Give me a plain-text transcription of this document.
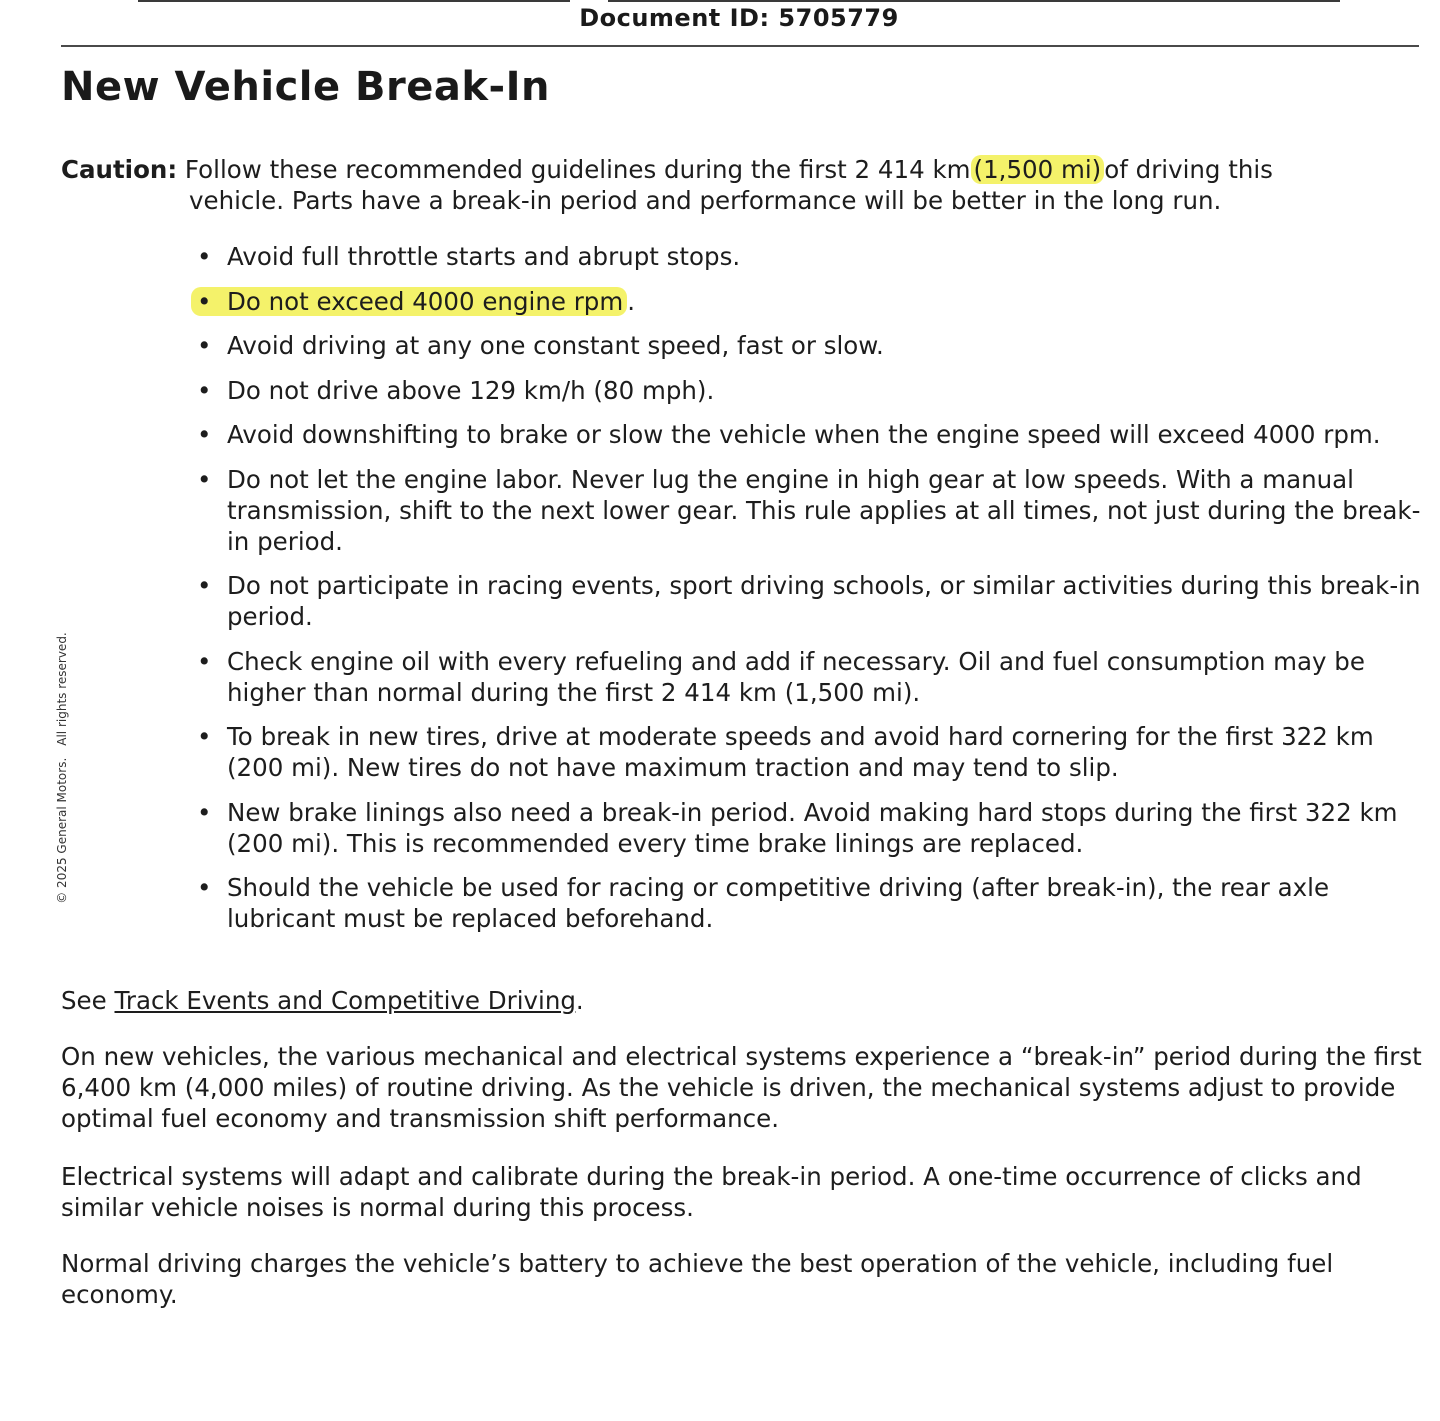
Document ID: 5705779
New Vehicle Break-In
Caution: Follow these recommended guidelines during the first 2 414 km (1,500 mi) of driving this
vehicle. Parts have a break-in period and performance will be better in the long run.
• Avoid full throttle starts and abrupt stops.
• Do not exceed 4000 engine rpm .
• Avoid driving at any one constant speed, fast or slow.
• Do not drive above 129 km/h (80 mph).
• Avoid downshifting to brake or slow the vehicle when the engine speed will exceed 4000 rpm.
• Do not let the engine labor. Never lug the engine in high gear at low speeds. With a manual transmission, shift to the next lower gear. This rule applies at all times, not just during the break-in period.
• Do not participate in racing events, sport driving schools, or similar activities during this break-in period.
• Check engine oil with every refueling and add if necessary. Oil and fuel consumption may be higher than normal during the first 2 414 km (1,500 mi).
• To break in new tires, drive at moderate speeds and avoid hard cornering for the first 322 km (200 mi). New tires do not have maximum traction and may tend to slip.
• New brake linings also need a break-in period. Avoid making hard stops during the first 322 km (200 mi). This is recommended every time brake linings are replaced.
• Should the vehicle be used for racing or competitive driving (after break-in), the rear axle lubricant must be replaced beforehand.

See Track Events and Competitive Driving.

On new vehicles, the various mechanical and electrical systems experience a “break-in” period during the first 6,400 km (4,000 miles) of routine driving. As the vehicle is driven, the mechanical systems adjust to provide optimal fuel economy and transmission shift performance.

Electrical systems will adapt and calibrate during the break-in period. A one-time occurrence of clicks and similar vehicle noises is normal during this process.

Normal driving charges the vehicle’s battery to achieve the best operation of the vehicle, including fuel economy.

© 2025 General Motors.All rights reserved.
